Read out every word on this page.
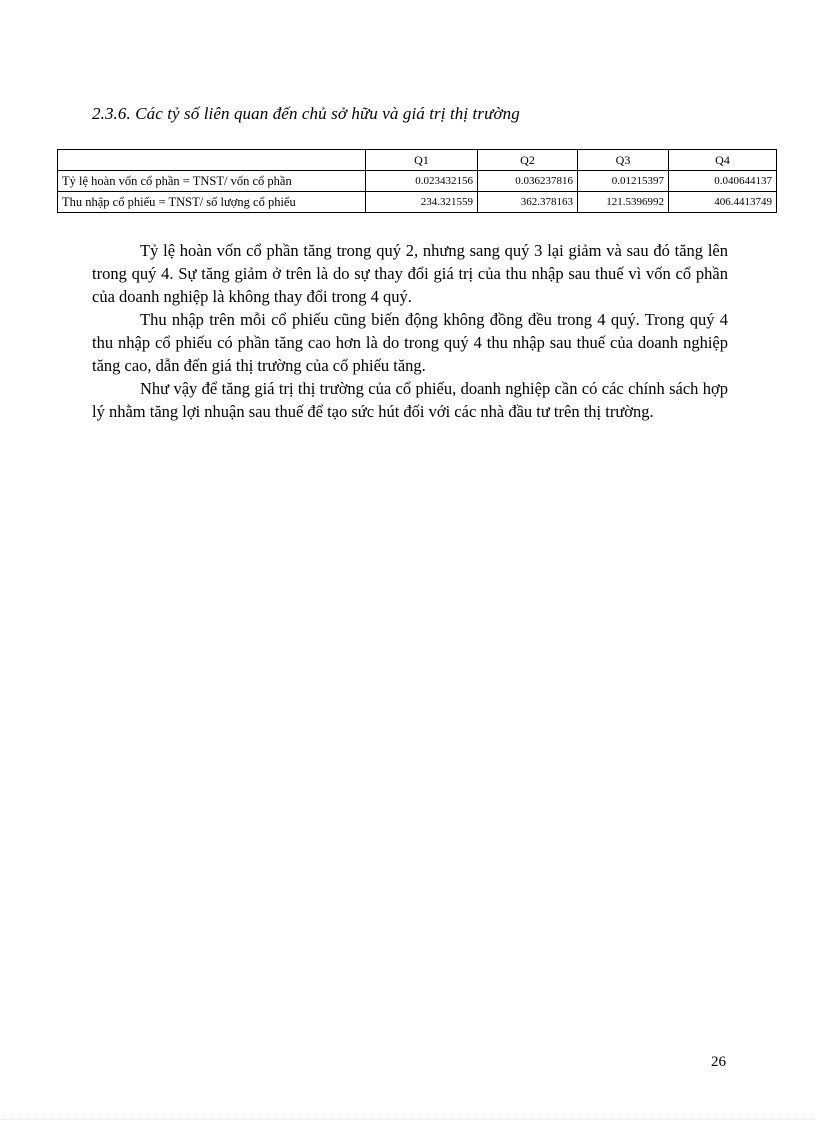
2.3.6. Các tỷ số liên quan đến chủ sở hữu và giá trị thị trường
	Q1	Q2	Q3	Q4
Tỷ lệ hoàn vốn cổ phần = TNST/ vốn cổ phần	0.023432156	0.036237816	0.01215397	0.040644137
Thu nhập cổ phiếu = TNST/ số lượng cổ phiếu	234.321559	362.378163	121.5396992	406.4413749

Tỷ lệ hoàn vốn cổ phần tăng trong quý 2, nhưng sang quý 3 lại giảm và sau đó tăng lên trong quý 4. Sự tăng giảm ở trên là do sự thay đổi giá trị của thu nhập sau thuế vì vốn cổ phần của doanh nghiệp là không thay đổi trong 4 quý.

Thu nhập trên mỗi cổ phiếu cũng biến động không đồng đều trong 4 quý. Trong quý 4 thu nhập cổ phiếu có phần tăng cao hơn là do trong quý 4 thu nhập sau thuế của doanh nghiệp tăng cao, dẫn đến giá thị trường của cổ phiếu tăng.

Như vậy để tăng giá trị thị trường của cổ phiếu, doanh nghiệp cần có các chính sách hợp lý nhằm tăng lợi nhuận sau thuế để tạo sức hút đối với các nhà đầu tư trên thị trường.

26
